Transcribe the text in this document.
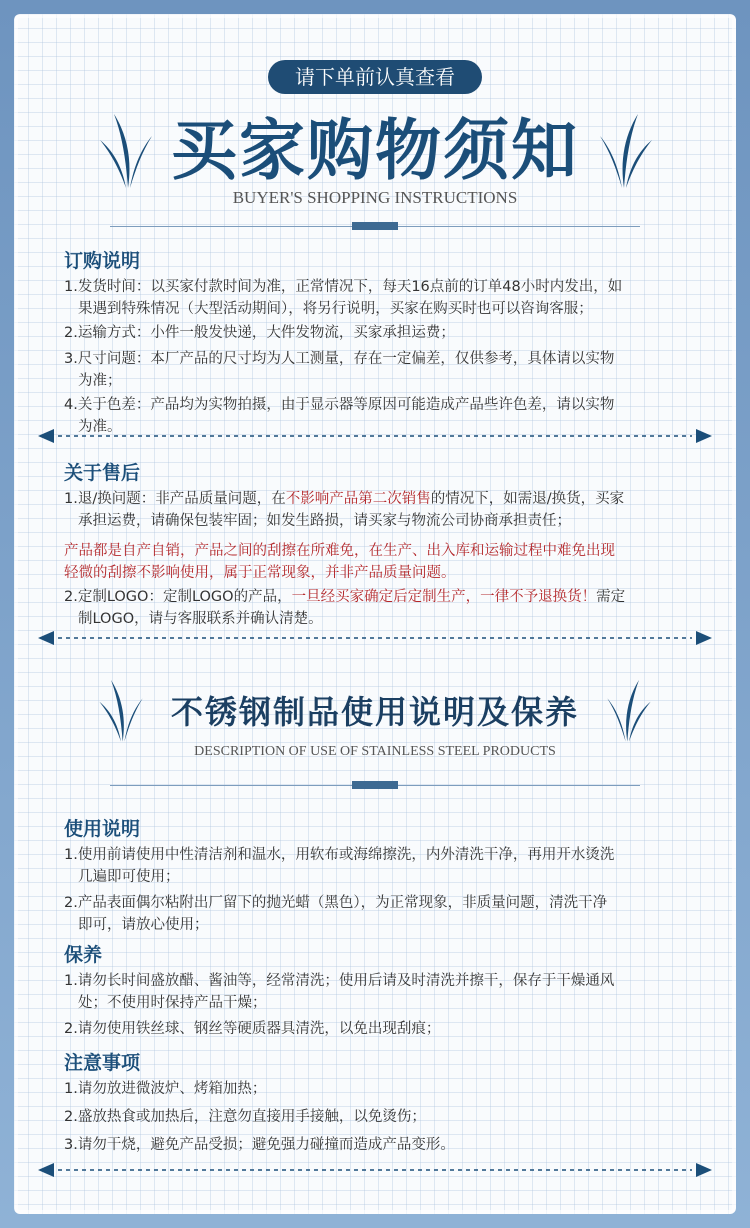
请下单前认真查看
买家购物须知
BUYER'S SHOPPING INSTRUCTIONS
订购说明
1.发货时间：以买家付款时间为准，正常情况下，每天16点前的订单48小时内发出，如
果遇到特殊情况（大型活动期间），将另行说明，买家在购买时也可以咨询客服；
2.运输方式：小件一般发快递，大件发物流，买家承担运费；
3.尺寸问题：本厂产品的尺寸均为人工测量，存在一定偏差，仅供参考，具体请以实物
为准；
4.关于色差：产品均为实物拍摄，由于显示器等原因可能造成产品些许色差，请以实物
为准。
关于售后
1.退/换问题：非产品质量问题，在不影响产品第二次销售的情况下，如需退/换货，买家
承担运费，请确保包装牢固；如发生路损，请买家与物流公司协商承担责任；
产品都是自产自销，产品之间的刮擦在所难免，在生产、出入库和运输过程中难免出现
轻微的刮擦不影响使用，属于正常现象，并非产品质量问题。
2.定制LOGO：定制LOGO的产品，一旦经买家确定后定制生产，一律不予退换货！需定
制LOGO，请与客服联系并确认清楚。
不锈钢制品使用说明及保养
DESCRIPTION OF USE OF STAINLESS STEEL PRODUCTS
使用说明
1.使用前请使用中性清洁剂和温水，用软布或海绵擦洗，内外清洗干净，再用开水烫洗
几遍即可使用；
2.产品表面偶尔粘附出厂留下的抛光蜡（黑色），为正常现象，非质量问题，清洗干净
即可，请放心使用；
保养
1.请勿长时间盛放醋、酱油等，经常清洗；使用后请及时清洗并擦干，保存于干燥通风
处；不使用时保持产品干燥；
2.请勿使用铁丝球、钢丝等硬质器具清洗，以免出现刮痕；
注意事项
1.请勿放进微波炉、烤箱加热；
2.盛放热食或加热后，注意勿直接用手接触，以免烫伤；
3.请勿干烧，避免产品受损；避免强力碰撞而造成产品变形。
